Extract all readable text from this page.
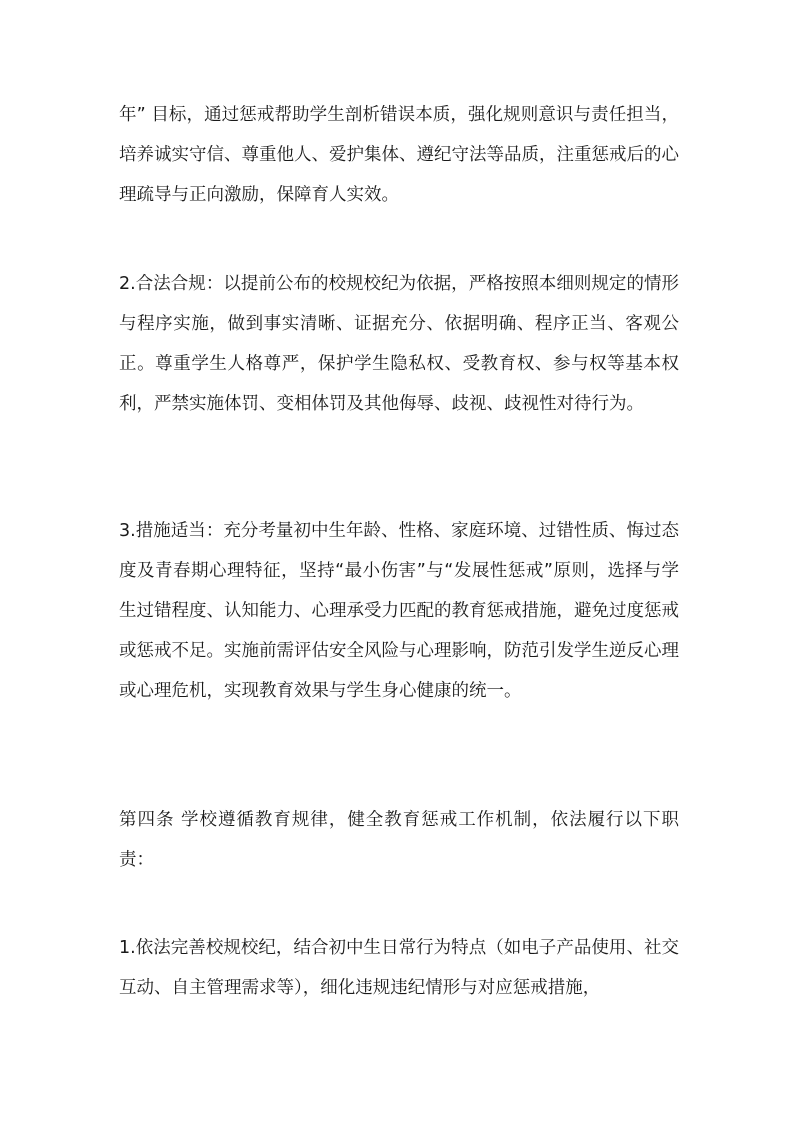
年” 目标，通过惩戒帮助学生剖析错误本质，强化规则意识与责任担当，培养诚实守信、尊重他人、爱护集体、遵纪守法等品质，注重惩戒后的心理疏导与正向激励，保障育人实效。

2.合法合规：以提前公布的校规校纪为依据，严格按照本细则规定的情形与程序实施，做到事实清晰、证据充分、依据明确、程序正当、客观公正。尊重学生人格尊严，保护学生隐私权、受教育权、参与权等基本权利，严禁实施体罚、变相体罚及其他侮辱、歧视、歧视性对待行为。

3.措施适当：充分考量初中生年龄、性格、家庭环境、过错性质、悔过态度及青春期心理特征，坚持“最小伤害”与“发展性惩戒”原则，选择与学生过错程度、认知能力、心理承受力匹配的教育惩戒措施，避免过度惩戒或惩戒不足。实施前需评估安全风险与心理影响，防范引发学生逆反心理或心理危机，实现教育效果与学生身心健康的统一。

第四条 学校遵循教育规律，健全教育惩戒工作机制，依法履行以下职责：

1.依法完善校规校纪，结合初中生日常行为特点（如电子产品使用、社交互动、自主管理需求等），细化违规违纪情形与对应惩戒措施，
